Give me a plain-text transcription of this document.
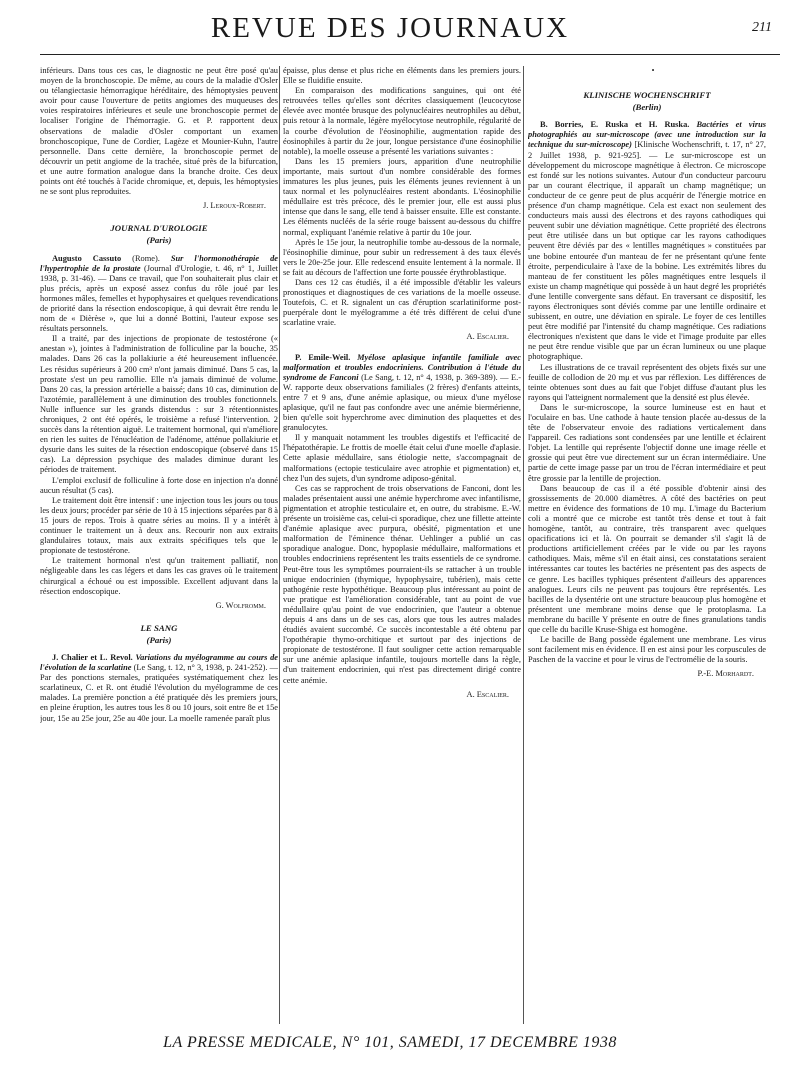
REVUE DES JOURNAUX	211

inférieurs. Dans tous ces cas, le diagnostic ne peut être posé qu'au moyen de la bronchoscopie. De même, au cours de la maladie d'Osler ou télangiectasie hémorragique héréditaire, des hémoptysies peuvent avoir pour cause l'ouverture de petits angiomes des muqueuses des voies respiratoires inférieures et seule une bronchoscopie permet de localiser l'origine de l'hémorragie. G. et P. rapportent deux observations de maladie d'Osler comportant un examen bronchoscopique, l'une de Cordier, Lagèze et Mounier-Kuhn, l'autre personnelle. Dans cette dernière, la bronchoscopie permet de découvrir un petit angiome de la trachée, situé près de la bifurcation, et une autre formation analogue dans la branche droite. Ces deux points ont été touchés à l'acide chromique, et, depuis, les hémoptysies ne se sont plus reproduites.

J. Leroux-Robert.
JOURNAL D'UROLOGIE
(Paris)

Augusto Cassuto (Rome). Sur l'hormonothérapie de l'hypertrophie de la prostate (Journal d'Urologie, t. 46, n° 1, Juillet 1938, p. 31-46). — Dans ce travail, que l'on souhaiterait plus clair et plus précis, après un exposé assez confus du rôle joué par les hormones mâles, femelles et hypophysaires et quelques revendications de priorité dans la résection endoscopique, à qui devrait être rendu le nom de « Dièrèse », que lui a donné Bottini, l'auteur expose ses résultats personnels.

Il a traité, par des injections de propionate de testostérone (« anestan »), jointes à l'administration de folliculine par la bouche, 35 malades. Dans 26 cas la pollakiurie a été heureusement influencée. Les résidus supérieurs à 200 cm³ n'ont jamais diminué. Dans 5 cas, la prostate s'est un peu ramollie. Elle n'a jamais diminué de volume. Dans 20 cas, la pression artérielle a baissé; dans 10 cas, diminution de l'azotémie, parallèlement à une diminution des troubles fonctionnels. Nulle influence sur les grands distendus : sur 3 rétentionnistes chroniques, 2 ont été opérés, le troisième a refusé l'intervention. 2 succès dans la rétention aiguë. Le traitement hormonal, qui n'améliore en rien les suites de l'énucléation de l'adénome, atténue pollakiurie et dysurie dans les suites de la résection endoscopique (observé dans 15 cas). La dépression psychique des malades diminue durant les périodes de traitement.

L'emploi exclusif de folliculine à forte dose en injection n'a donné aucun résultat (5 cas).

Le traitement doit être intensif : une injection tous les jours ou tous les deux jours; procéder par série de 10 à 15 injections séparées par 8 à 15 jours de repos. Trois à quatre séries au moins. Il y a intérêt à continuer le traitement un à deux ans. Recourir non aux extraits glandulaires totaux, mais aux extraits spécifiques tels que le propionate de testostérone.

Le traitement hormonal n'est qu'un traitement palliatif, non négligeable dans les cas légers et dans les cas graves où le traitement chirurgical a échoué ou est impossible. Excellent adjuvant dans la résection endoscopique.

G. Wolfromm.
LE SANG
(Paris)

J. Chalier et L. Revol. Variations du myélogramme au cours de l'évolution de la scarlatine (Le Sang, t. 12, n° 3, 1938, p. 241-252). — Par des ponctions sternales, pratiquées systématiquement chez les scarlatineux, C. et R. ont étudié l'évolution du myélogramme de ces malades. La première ponction a été pratiquée dès les premiers jours, en pleine éruption, les autres tous les 8 ou 10 jours, soit entre 8e et 15e jour, 15e au 25e jour, 25e au 40e jour. La moelle ramenée paraît plus

épaisse, plus dense et plus riche en éléments dans les premiers jours. Elle se fluidifie ensuite.

En comparaison des modifications sanguines, qui ont été retrouvées telles qu'elles sont décrites classiquement (leucocytose élevée avec montée brusque des polynucléaires neutrophiles au début, puis retour à la normale, légère myélocytose neutrophile, régularité de la courbe d'évolution de l'éosinophilie, augmentation rapide des éosinophiles à partir du 2e jour, longue persistance d'une éosinophilie notable), la moelle osseuse a présenté les variations suivantes :

Dans les 15 premiers jours, apparition d'une neutrophilie importante, mais surtout d'un nombre considérable des formes immatures les plus jeunes, puis les éléments jeunes reviennent à un taux normal et les polynucléaires restent abondants. L'éosinophilie médullaire est très précoce, dès le premier jour, elle est aussi plus intense que dans le sang, elle tend à baisser ensuite. Elle est constante. Les éléments nucléés de la série rouge baissent au-dessous du chiffre normal, expliquant l'anémie relative à partir du 10e jour.

Après le 15e jour, la neutrophilie tombe au-dessous de la normale, l'éosinophilie diminue, pour subir un redressement à des taux élevés vers le 20e-25e jour. Elle redescend ensuite lentement à la normale. Il se fait au décours de l'affection une forte poussée érythroblastique.

Dans ces 12 cas étudiés, il a été impossible d'établir les valeurs pronostiques et diagnostiques de ces variations de la moelle osseuse. Toutefois, C. et R. signalent un cas d'éruption scarlatiniforme post-puerpérale dont le myélogramme a été très différent de celui d'une scarlatine vraie.

A. Escalier.

P. Emile-Weil. Myélose aplasique infantile familiale avec malformation et troubles endocriniens. Contribution à l'étude du syndrome de Fanconi (Le Sang, t. 12, n° 4, 1938, p. 369-389). — E.-W. rapporte deux observations familiales (2 frères) d'enfants atteints, entre 7 et 9 ans, d'une anémie aplasique, ou mieux d'une myélose aplasique, qu'il ne faut pas confondre avec une anémie biermérienne, bien qu'elle soit hyperchrome avec diminution des plaquettes et des granulocytes.

Il y manquait notamment les troubles digestifs et l'efficacité de l'hépatothérapie. Le frottis de moelle était celui d'une moelle d'aplasie. Cette aplasie médullaire, sans étiologie nette, s'accompagnait de malformations (ectopie testiculaire avec atrophie et pigmentation) et, chez l'un des sujets, d'un syndrome adiposo-génital.

Ces cas se rapprochent de trois observations de Fanconi, dont les malades présentaient aussi une anémie hyperchrome avec infantilisme, pigmentation et atrophie testiculaire et, en outre, du strabisme. E.-W. présente un troisième cas, celui-ci sporadique, chez une fillette atteinte d'anémie aplasique avec purpura, obésité, pigmentation et une malformation de l'éminence thénar. Uehlinger a publié un cas sporadique analogue. Donc, hypoplasie médullaire, malformations et troubles endocriniens représentent les traits essentiels de ce syndrome. Peut-être tous les symptômes pourraient-ils se rattacher à un trouble unique endocrinien (thymique, hypophysaire, tubérien), mais cette pathogénie reste hypothétique. Beaucoup plus intéressant au point de vue pratique est l'amélioration considérable, tant au point de vue médullaire qu'au point de vue endocrinien, que l'auteur a obtenue depuis 4 ans dans un de ses cas, alors que tous les autres malades étudiés avaient succombé. Ce succès incontestable a été obtenu par l'opothérapie thymo-orchitique et surtout par des injections de propionate de testostérone. Il faut souligner cette action remarquable sur une anémie aplasique infantile, toujours mortelle dans la règle, d'un traitement endocrinien, qui n'est pas directement dirigé contre cette anémie.

A. Escalier.

•

KLINISCHE WOCHENSCHRIFT
(Berlin)

B. Borries, E. Ruska et H. Ruska. Bactéries et virus photographiés au sur-microscope (avec une introduction sur la technique du sur-microscope) [Klinische Wochenschrift, t. 17, n° 27, 2 Juillet 1938, p. 921-925]. — Le sur-microscope est un développement du microscope magnétique à électron. Ce microscope est fondé sur les notions suivantes. Autour d'un conducteur parcouru par un courant électrique, il apparaît un champ magnétique; un conducteur de ce genre peut de plus acquérir de l'énergie motrice en présence d'un champ magnétique. Cela est exact non seulement des conducteurs mais aussi des électrons et des rayons cathodiques qui peuvent subir une déviation magnétique. Cette propriété des électrons peut être utilisée dans un but optique car les rayons cathodiques peuvent être déviés par des « lentilles magnétiques » constituées par une bobine entourée d'un manteau de fer ne présentant qu'une fente étroite, perpendiculaire à l'axe de la bobine. Les extrémités libres du manteau de fer constituent les pôles magnétiques entre lesquels il existe un champ magnétique qui possède à un haut degré les propriétés d'une lentille convergente sans défaut. En traversant ce dispositif, les rayons électroniques sont déviés comme par une lentille ordinaire et subissent, en outre, une déviation en spirale. Le foyer de ces lentilles peut être modifié par l'intensité du champ magnétique. Ces radiations électroniques n'existent que dans le vide et l'image produite par elles ne peut être rendue visible que par un écran lumineux ou une plaque photographique.

Les illustrations de ce travail représentent des objets fixés sur une feuille de collodion de 20 mμ et vus par réflexion. Les différences de teinte obtenues sont dues au fait que l'objet diffuse d'autant plus les rayons qui l'atteignent normalement que la densité est plus élevée.

Dans le sur-microscope, la source lumineuse est en haut et l'oculaire en bas. Une cathode à haute tension placée au-dessus de la tête de l'observateur envoie des radiations verticalement dans l'appareil. Ces radiations sont condensées par une lentille et éclairent l'objet. La lentille qui représente l'objectif donne une image réelle et grossie qui peut être vue directement sur un écran intermédiaire. Une partie de cette image passe par un trou de l'écran intermédiaire et peut être grossie par la lentille de projection.

Dans beaucoup de cas il a été possible d'obtenir ainsi des grossissements de 20.000 diamètres. A côté des bactéries on peut mettre en évidence des formations de 10 mμ. L'image du Bacterium coli a montré que ce microbe est tantôt très dense et tout à fait homogène, tantôt, au contraire, très transparent avec quelques opacifications ici et là. On pourrait se demander s'il s'agit là de productions artificiellement créées par le vide ou par les rayons cathodiques. Mais, même s'il en était ainsi, ces constatations seraient intéressantes car toutes les bactéries ne présentent pas des aspects de ce genre. Les bacilles typhiques présentent d'ailleurs des apparences analogues. Leurs cils ne peuvent pas toujours être représentés. Les bacilles de la dysentérie ont une structure beaucoup plus homogène et présentent une membrane moins dense que le protoplasma. La membrane du bacille Y présente en outre de fines granulations tandis que celle du bacille Kruse-Shiga est homogène.

Le bacille de Bang possède également une membrane. Les virus sont facilement mis en évidence. Il en est ainsi pour les corpuscules de Paschen de la vaccine et pour le virus de l'ectromélie de la souris.

P.-E. Morhardt.
LA PRESSE MEDICALE, N° 101, SAMEDI, 17 DECEMBRE 1938
